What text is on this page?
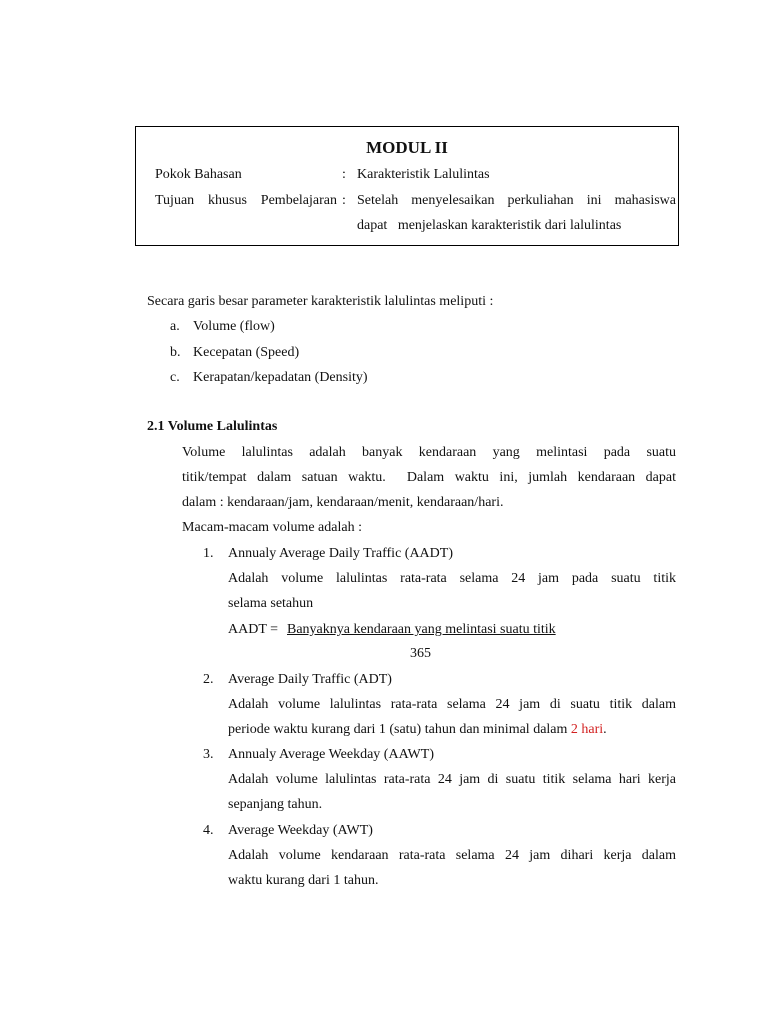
MODUL II
Pokok Bahasan	: Karakteristik Lalulintas
Tujuan khusus Pembelajaran : Setelah menyelesaikan perkuliahan ini mahasiswa
dapat   menjelaskan karakteristik dari lalulintas
Secara garis besar parameter karakteristik lalulintas meliputi :
a. Volume (flow)
b. Kecepatan (Speed)
c. Kerapatan/kepadatan (Density)
2.1 Volume Lalulintas
Volume lalulintas adalah banyak kendaraan yang melintasi pada suatu
titik/tempat dalam satuan waktu.  Dalam waktu ini, jumlah kendaraan dapat
dalam : kendaraan/jam, kendaraan/menit, kendaraan/hari.
Macam-macam volume adalah :
1. Annualy Average Daily Traffic (AADT)
Adalah volume lalulintas rata-rata selama 24 jam pada suatu titik
selama setahun
AADT = Banyaknya kendaraan yang melintasi suatu titik
365
2. Average Daily Traffic (ADT)
Adalah volume lalulintas rata-rata selama 24 jam di suatu titik dalam
periode waktu kurang dari 1 (satu) tahun dan minimal dalam 2 hari.
3. Annualy Average Weekday (AAWT)
Adalah volume lalulintas rata-rata 24 jam di suatu titik selama hari kerja
sepanjang tahun.
4. Average Weekday (AWT)
Adalah volume kendaraan rata-rata selama 24 jam dihari kerja dalam
waktu kurang dari 1 tahun.
